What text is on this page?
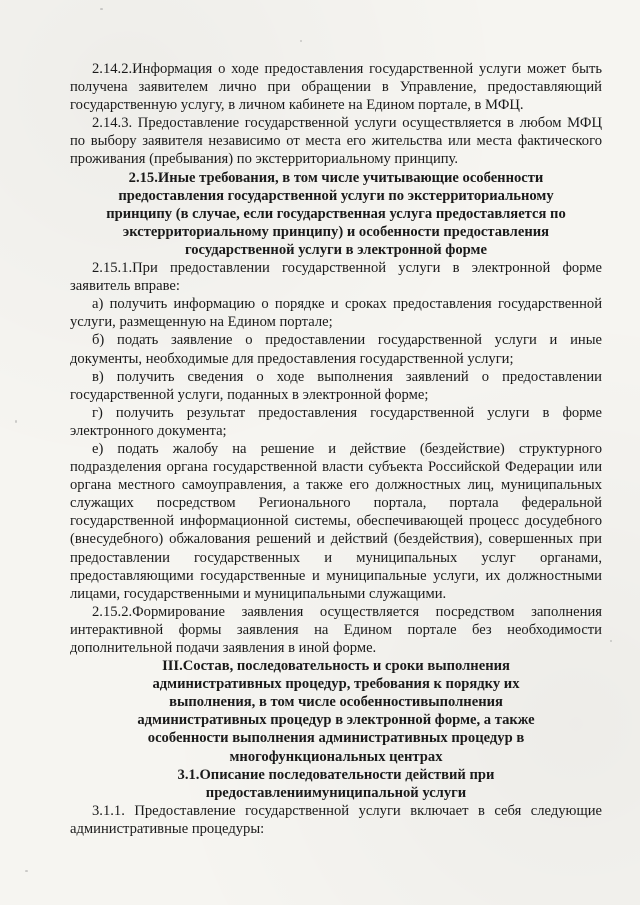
2.14.2.Информация о ходе предоставления государственной услуги может быть получена заявителем лично при обращении в Управление, предоставляющий государственную услугу, в личном кабинете на Едином портале, в МФЦ.

2.14.3. Предоставление государственной услуги осуществляется в любом МФЦ по выбору заявителя независимо от места его жительства или места фактического проживания (пребывания) по экстерриториальному принципу.

2.15.Иные требования, в том числе учитывающие особенности предоставления государственной услуги по экстерриториальному принципу (в случае, если государственная услуга предоставляется по экстерриториальному принципу) и особенности предоставления государственной услуги в электронной форме

2.15.1.При предоставлении государственной услуги в электронной форме заявитель вправе:

а) получить информацию о порядке и сроках предоставления государственной услуги, размещенную на Едином портале;

б) подать заявление о предоставлении государственной услуги и иные документы, необходимые для предоставления государственной услуги;

в) получить сведения о ходе выполнения заявлений о предоставлении государственной услуги, поданных в электронной форме;

г) получить результат предоставления государственной услуги в форме электронного документа;

е) подать жалобу на решение и действие (бездействие) структурного подразделения органа государственной власти субъекта Российской Федерации или органа местного самоуправления, а также его должностных лиц, муниципальных служащих посредством Регионального портала, портала федеральной государственной информационной системы, обеспечивающей процесс досудебного (внесудебного) обжалования решений и действий (бездействия), совершенных при предоставлении государственных и муниципальных услуг органами, предоставляющими государственные и муниципальные услуги, их должностными лицами, государственными и муниципальными служащими.

2.15.2.Формирование заявления осуществляется посредством заполнения интерактивной формы заявления на Едином портале без необходимости дополнительной подачи заявления в иной форме.

III.Состав, последовательность и сроки выполнения административных процедур, требования к порядку их выполнения, в том числе особенностивыполнения административных процедур в электронной форме, а также особенности выполнения административных процедур в многофункциональных центрах

3.1.Описание последовательности действий при предоставлениимуниципальной услуги

3.1.1. Предоставление государственной услуги включает в себя следующие административные процедуры:
